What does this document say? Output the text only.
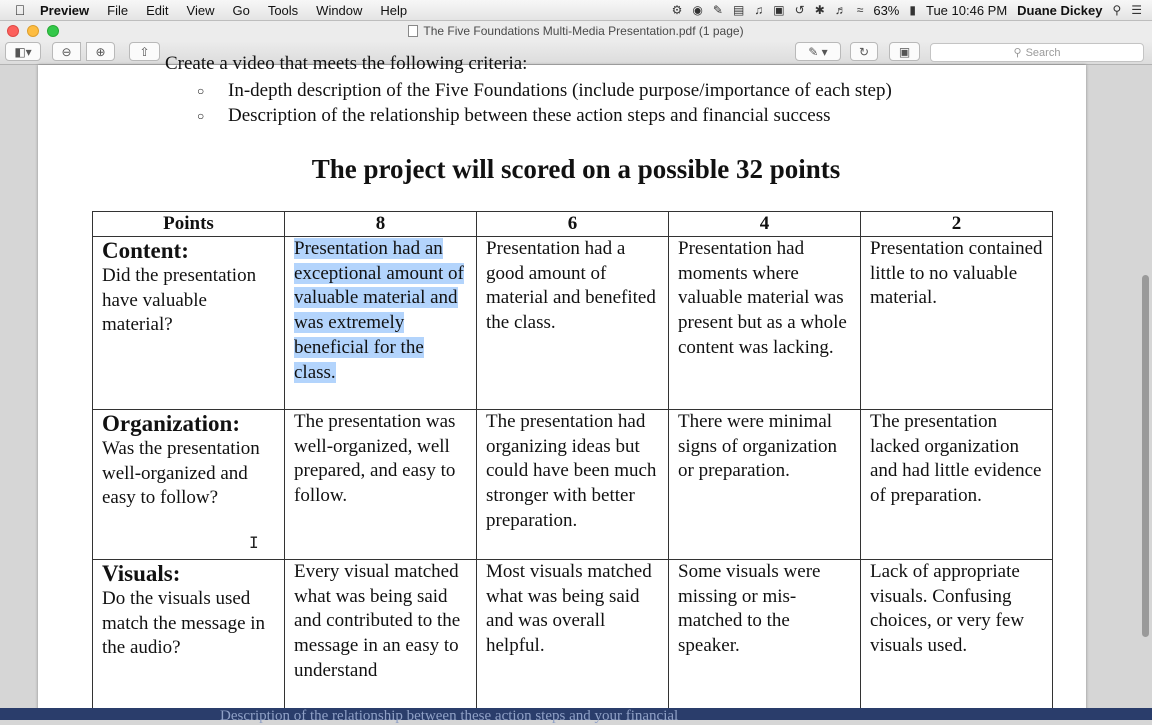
Preview	File	Edit	View	Go	Tools	Window	Help	⚙ ◉ ✎ ▤ ♫ ▣ ↺ ✱ ♬ ≈ 63% ▮ Tue 10:46 PM Duane Dickey ⚲ ☰
The Five Foundations Multi-Media Presentation.pdf (1 page)
◧▾ ⊖ ⊕	⇧	✎ ▾	↻ ▣	⚲ Search
Create a video that meets the following criteria:
○ In-depth description of the Five Foundations (include purpose/importance of each step)
○ Description of the relationship between these action steps and financial success
The project will scored on a possible 32 points
Points	8	6	4	2

Content:
Did the presentation have valuable material?	Presentation had an exceptional amount of valuable material and was extremely beneficial for the class.	Presentation had a good amount of material and benefited the class.	Presentation had moments where valuable material was present but as a whole content was lacking.	Presentation contained little to no valuable material.

Organization:
Was the presentation well-organized and easy to follow?	The presentation was well-organized, well prepared, and easy to follow.	The presentation had organizing ideas but could have been much stronger with better preparation.	There were minimal signs of organization or preparation.	The presentation lacked organization and had little evidence of preparation.

Visuals:
Do the visuals used match the message in the audio?	Every visual matched what was being said and contributed to the message in an easy to understand	Most visuals matched what was being said and was overall helpful.	Some visuals were missing or mis-matched to the speaker.	Lack of appropriate visuals. Confusing choices, or very few visuals used.
I
Description of the relationship between these action steps and your financial
